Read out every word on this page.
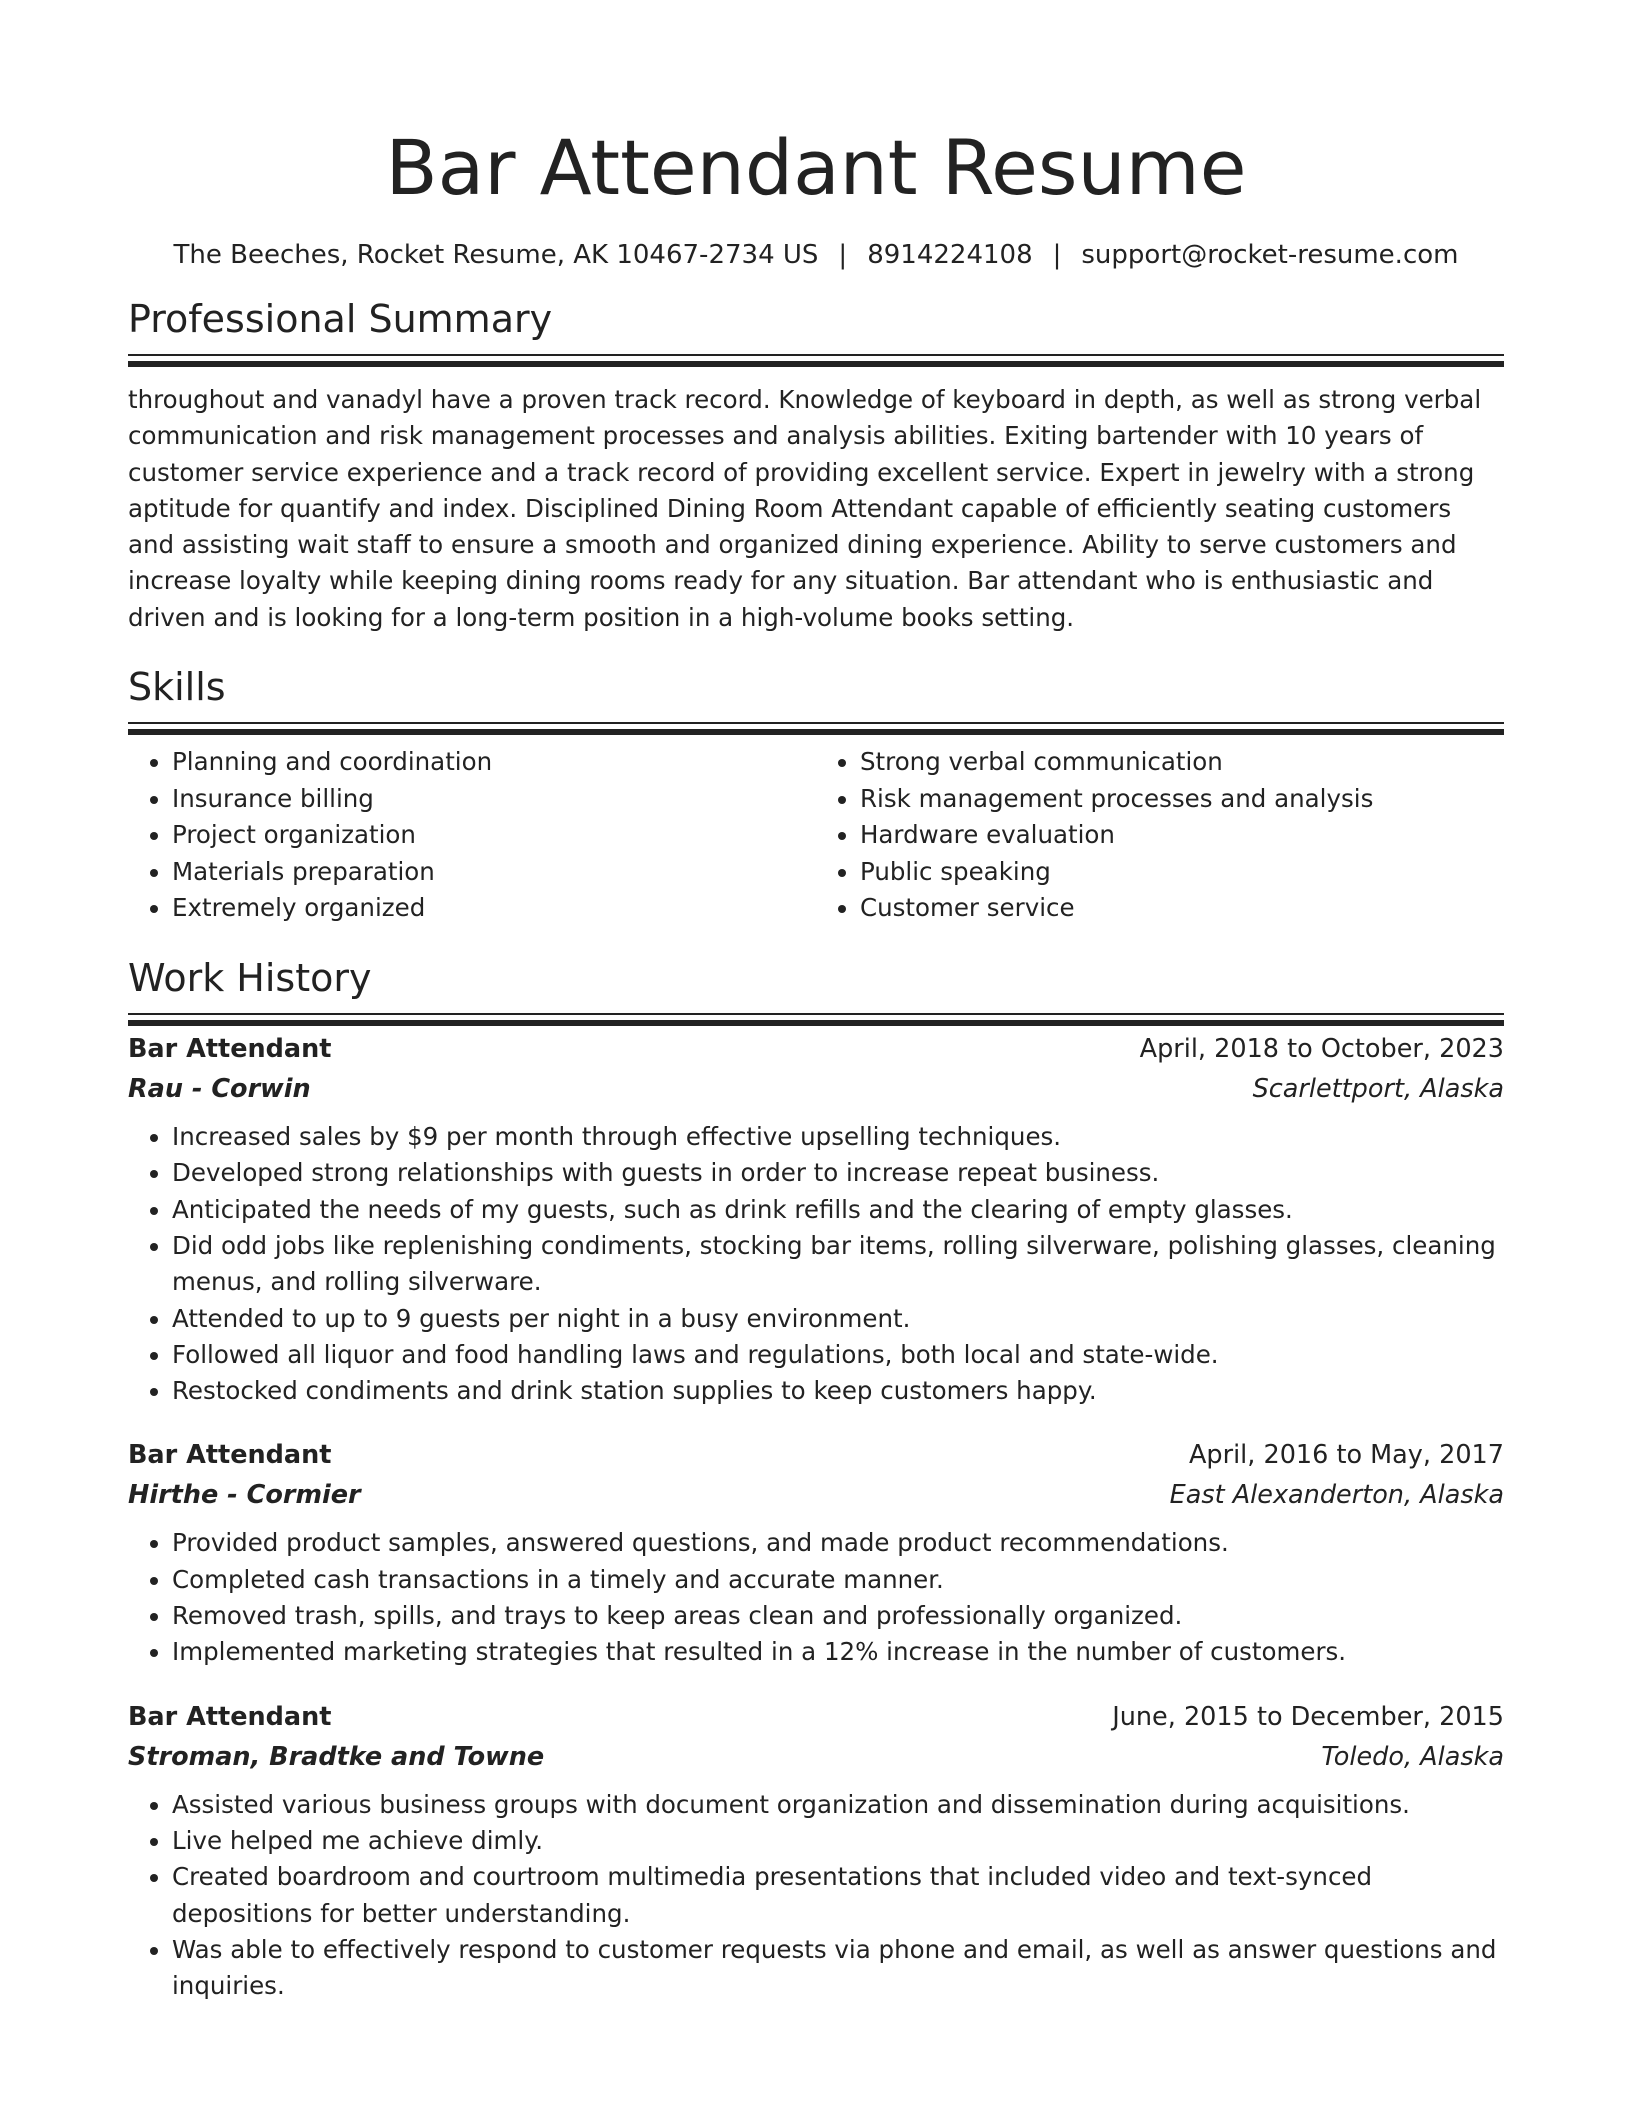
Bar Attendant Resume
The Beeches, Rocket Resume, AK 10467-2734 US | 8914224108 | support@rocket-resume.com
Professional Summary

throughout and vanadyl have a proven track record. Knowledge of keyboard in depth, as well as strong verbal communication and risk management processes and analysis abilities. Exiting bartender with 10 years of customer service experience and a track record of providing excellent service. Expert in jewelry with a strong aptitude for quantify and index. Disciplined Dining Room Attendant capable of efficiently seating customers and assisting wait staff to ensure a smooth and organized dining experience. Ability to serve customers and increase loyalty while keeping dining rooms ready for any situation. Bar attendant who is enthusiastic and driven and is looking for a long-term position in a high-volume books setting.

Skills
• Planning and coordination
• Insurance billing
• Project organization
• Materials preparation
• Extremely organized
• Strong verbal communication
• Risk management processes and analysis
• Hardware evaluation
• Public speaking
• Customer service
Work History
Bar Attendant	April, 2018 to October, 2023
Rau - Corwin	Scarlettport, Alaska
• Increased sales by $9 per month through effective upselling techniques.
• Developed strong relationships with guests in order to increase repeat business.
• Anticipated the needs of my guests, such as drink refills and the clearing of empty glasses.
• Did odd jobs like replenishing condiments, stocking bar items, rolling silverware, polishing glasses, cleaning menus, and rolling silverware.
• Attended to up to 9 guests per night in a busy environment.
• Followed all liquor and food handling laws and regulations, both local and state-wide.
• Restocked condiments and drink station supplies to keep customers happy.
Bar Attendant	April, 2016 to May, 2017
Hirthe - Cormier	East Alexanderton, Alaska
• Provided product samples, answered questions, and made product recommendations.
• Completed cash transactions in a timely and accurate manner.
• Removed trash, spills, and trays to keep areas clean and professionally organized.
• Implemented marketing strategies that resulted in a 12% increase in the number of customers.
Bar Attendant	June, 2015 to December, 2015
Stroman, Bradtke and Towne	Toledo, Alaska
• Assisted various business groups with document organization and dissemination during acquisitions.
• Live helped me achieve dimly.
• Created boardroom and courtroom multimedia presentations that included video and text-synced depositions for better understanding.
• Was able to effectively respond to customer requests via phone and email, as well as answer questions and inquiries.
